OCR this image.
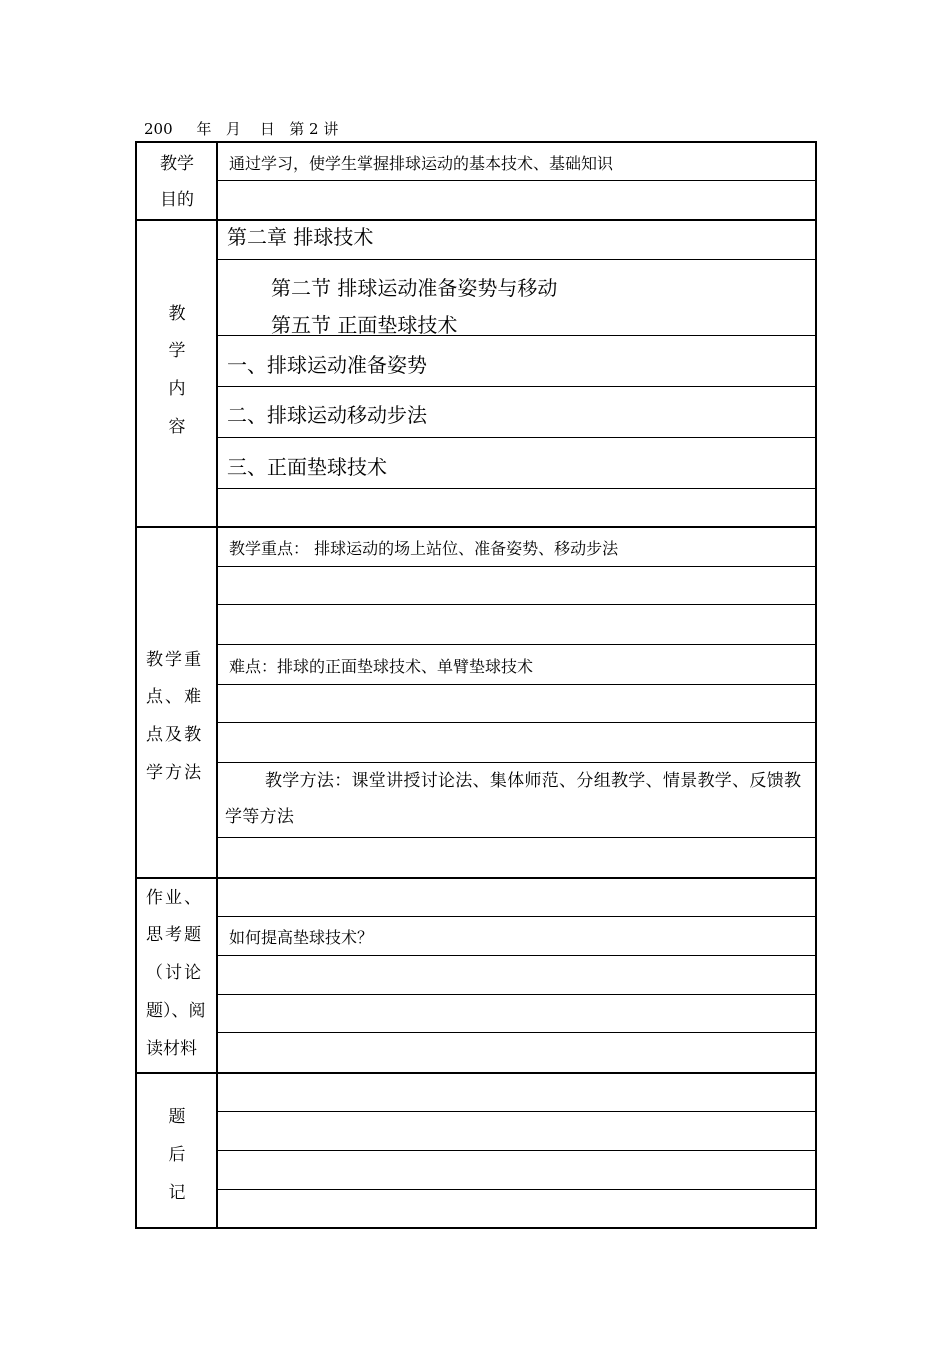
200 年 月 日 第 2 讲
教学
目的
通过学习，使学生掌握排球运动的基本技术、基础知识
教
学
内
容
第二章 排球技术
第二节 排球运动准备姿势与移动
第五节 正面垫球技术
一、排球运动准备姿势
二、排球运动移动步法
三、正面垫球技术
教学重
点、难
点及教
学方法
教学重点： 排球运动的场上站位、准备姿势、移动步法
难点：排球的正面垫球技术、单臂垫球技术
教学方法：课堂讲授讨论法、集体师范、分组教学、情景教学、反馈教学等方法
作业、
思考题
（讨论
题）、阅
读材料
如何提高垫球技术？
题
后
记
